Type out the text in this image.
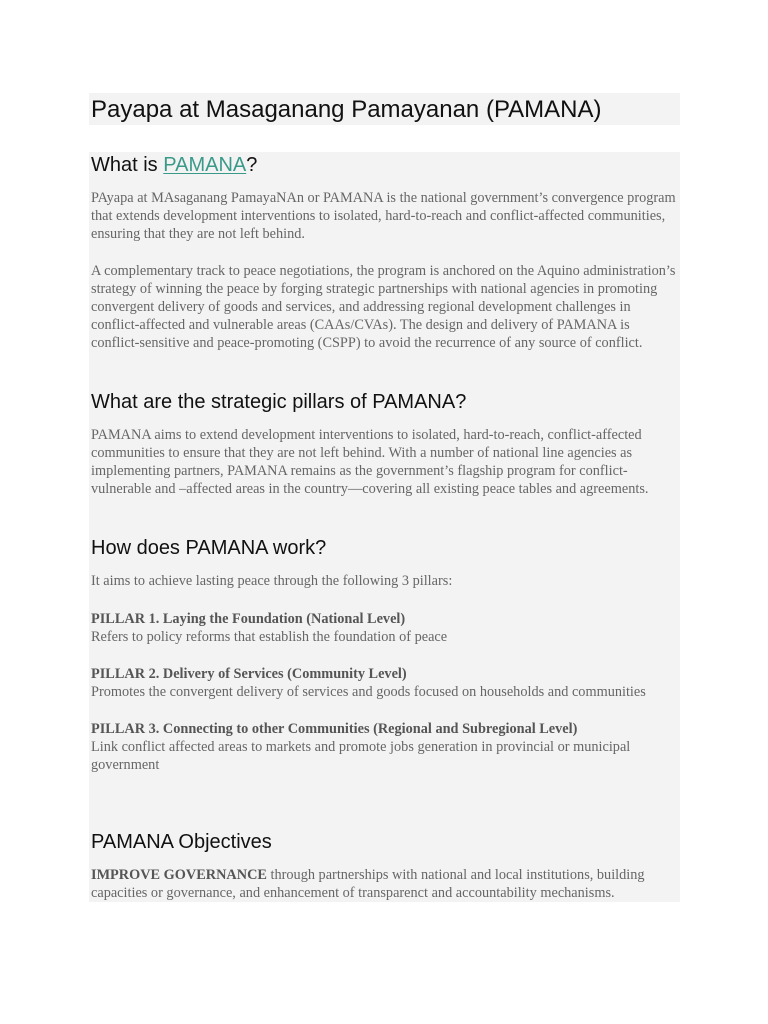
Payapa at Masaganang Pamayanan (PAMANA)
What is PAMANA?

PAyapa at MAsaganang PamayaNAn or PAMANA is the national government’s convergence program that extends development interventions to isolated, hard-to-reach and conflict-affected communities, ensuring that they are not left behind.

A complementary track to peace negotiations, the program is anchored on the Aquino administration’s strategy of winning the peace by forging strategic partnerships with national agencies in promoting convergent delivery of goods and services, and addressing regional development challenges in conflict-affected and vulnerable areas (CAAs/CVAs). The design and delivery of PAMANA is conflict-sensitive and peace-promoting (CSPP) to avoid the recurrence of any source of conflict.

What are the strategic pillars of PAMANA?

PAMANA aims to extend development interventions to isolated, hard-to-reach, conflict-affected communities to ensure that they are not left behind. With a number of national line agencies as implementing partners, PAMANA remains as the government’s flagship program for conflict-vulnerable and –affected areas in the country—covering all existing peace tables and agreements.

How does PAMANA work?

It aims to achieve lasting peace through the following 3 pillars:

PILLAR 1. Laying the Foundation (National Level)
Refers to policy reforms that establish the foundation of peace

PILLAR 2. Delivery of Services (Community Level)
Promotes the convergent delivery of services and goods focused on households and communities

PILLAR 3. Connecting to other Communities (Regional and Subregional Level)
Link conflict affected areas to markets and promote jobs generation in provincial or municipal government

PAMANA Objectives

IMPROVE GOVERNANCE through partnerships with national and local institutions, building capacities or governance, and enhancement of transparenct and accountability mechanisms.
